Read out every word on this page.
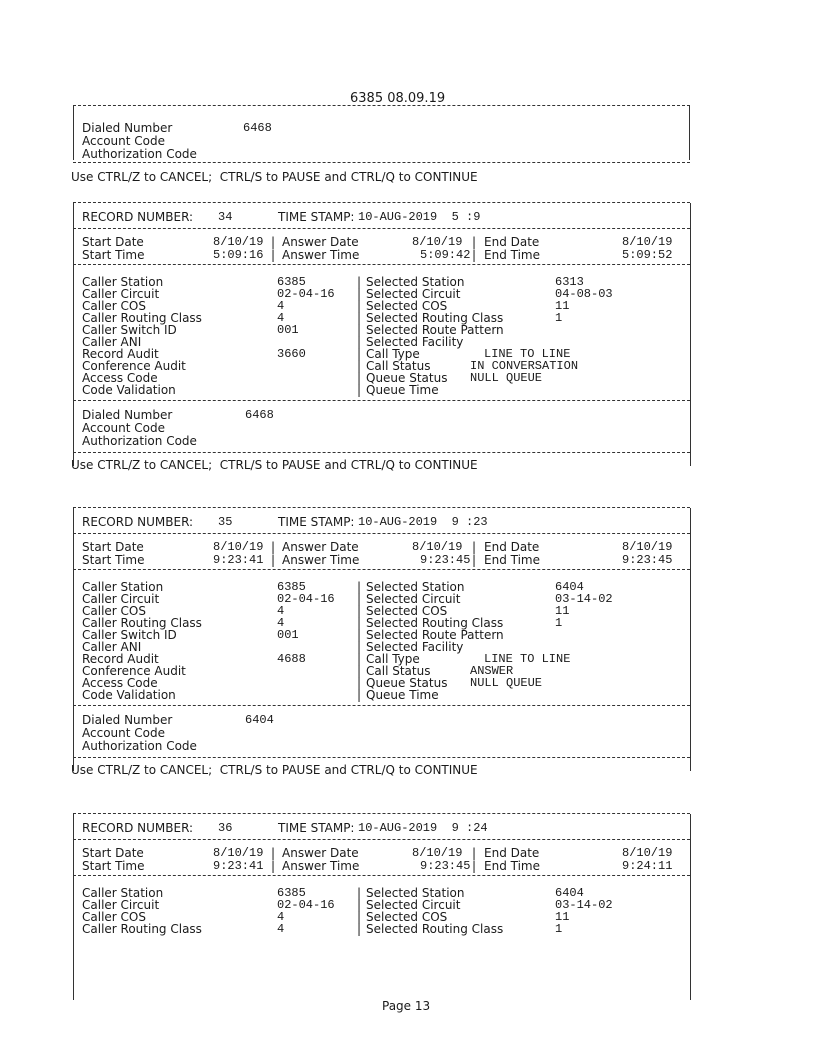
6385 08.09.19
Dialed Number	6468
Account Code
Authorization Code
Use CTRL/Z to CANCEL;  CTRL/S to PAUSE and CTRL/Q to CONTINUE
RECORD NUMBER: 34	TIME STAMP: 10-AUG-2019  5 :9
Start Date	8/10/19 | Answer Date	8/10/19 | End Date	8/10/19
Start Time	5:09:16 | Answer Time	5:09:42 | End Time	5:09:52
Caller Station	6385	| Selected Station	6313
Caller Circuit	02-04-16 | Selected Circuit	04-08-03
Caller COS	4	| Selected COS	11
Caller Routing Class	4	| Selected Routing Class	1
Caller Switch ID	001	| Selected Route Pattern
Caller ANI	| Selected Facility
Record Audit	3660	| Call Type	LINE TO LINE
Conference Audit	| Call Status	IN CONVERSATION
Access Code	| Queue Status NULL QUEUE
Code Validation	| Queue Time
Dialed Number	6468
Account Code
Authorization Code
Use CTRL/Z to CANCEL;  CTRL/S to PAUSE and CTRL/Q to CONTINUE
RECORD NUMBER: 35	TIME STAMP: 10-AUG-2019  9 :23
Start Date	8/10/19 | Answer Date	8/10/19 | End Date	8/10/19
Start Time	9:23:41 | Answer Time	9:23:45 | End Time	9:23:45
Caller Station	6385	| Selected Station	6404
Caller Circuit	02-04-16 | Selected Circuit	03-14-02
Caller COS	4	| Selected COS	11
Caller Routing Class	4	| Selected Routing Class	1
Caller Switch ID	001	| Selected Route Pattern
Caller ANI	| Selected Facility
Record Audit	4688	| Call Type	LINE TO LINE
Conference Audit	| Call Status	ANSWER
Access Code	| Queue Status NULL QUEUE
Code Validation	| Queue Time
Dialed Number	6404
Account Code
Authorization Code
Use CTRL/Z to CANCEL;  CTRL/S to PAUSE and CTRL/Q to CONTINUE
RECORD NUMBER: 36	TIME STAMP: 10-AUG-2019  9 :24
Start Date	8/10/19 | Answer Date	8/10/19 | End Date	8/10/19
Start Time	9:23:41 | Answer Time	9:23:45 | End Time	9:24:11
Caller Station	6385	| Selected Station	6404
Caller Circuit	02-04-16 | Selected Circuit	03-14-02
Caller COS	4	| Selected COS	11
Caller Routing Class	4	| Selected Routing Class	1
Page 13
